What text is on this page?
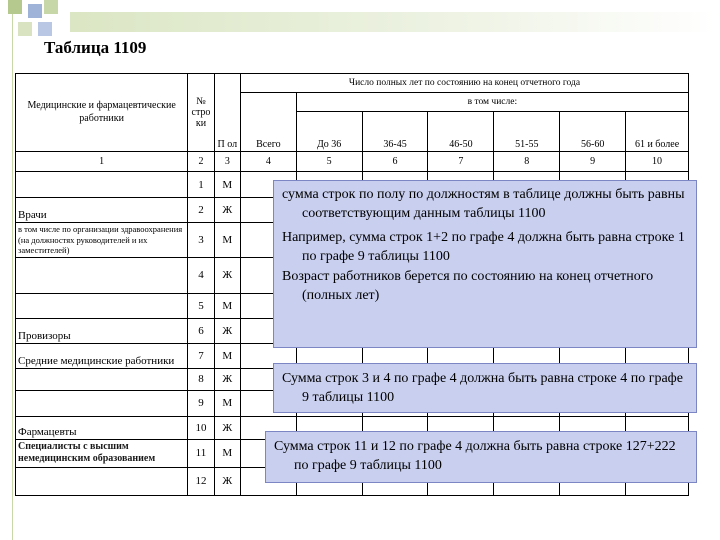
Таблица 1109
Медицинские и фармацевтические работники	№ стро ки	П ол	Число полных лет по состоянию на конец отчетного года						
			Всего	в том числе:					
				До 36	36-45	46-50	51-55	56-60	61 и более
1	2	3	4	5	6	7	8	9	10
	1	М							
Врачи	2	Ж							
в том числе по организации здравоохранения (на должностях руководителей и их заместителей)	3	М							
	4	Ж							
	5	М							
Провизоры	6	Ж							
Средние медицинские работники	7	М							
	8	Ж							
	9	М							
Фармацевты	10	Ж							
Специалисты с высшим немедицинским образованием	11	М							
	12	Ж							
сумма строк по полу по должностям в таблице должны быть равны соответствующим данным таблицы 1100
Например, сумма строк 1+2 по графе 4 должна быть равна строке 1 по графе 9 таблицы 1100
Возраст работников берется по состоянию на конец отчетного (полных лет)
Сумма строк 3 и 4 по графе 4 должна быть равна строке 4 по графе 9 таблицы 1100
Сумма строк 11 и 12 по графе 4 должна быть равна строке 127+222 по графе 9 таблицы 1100
